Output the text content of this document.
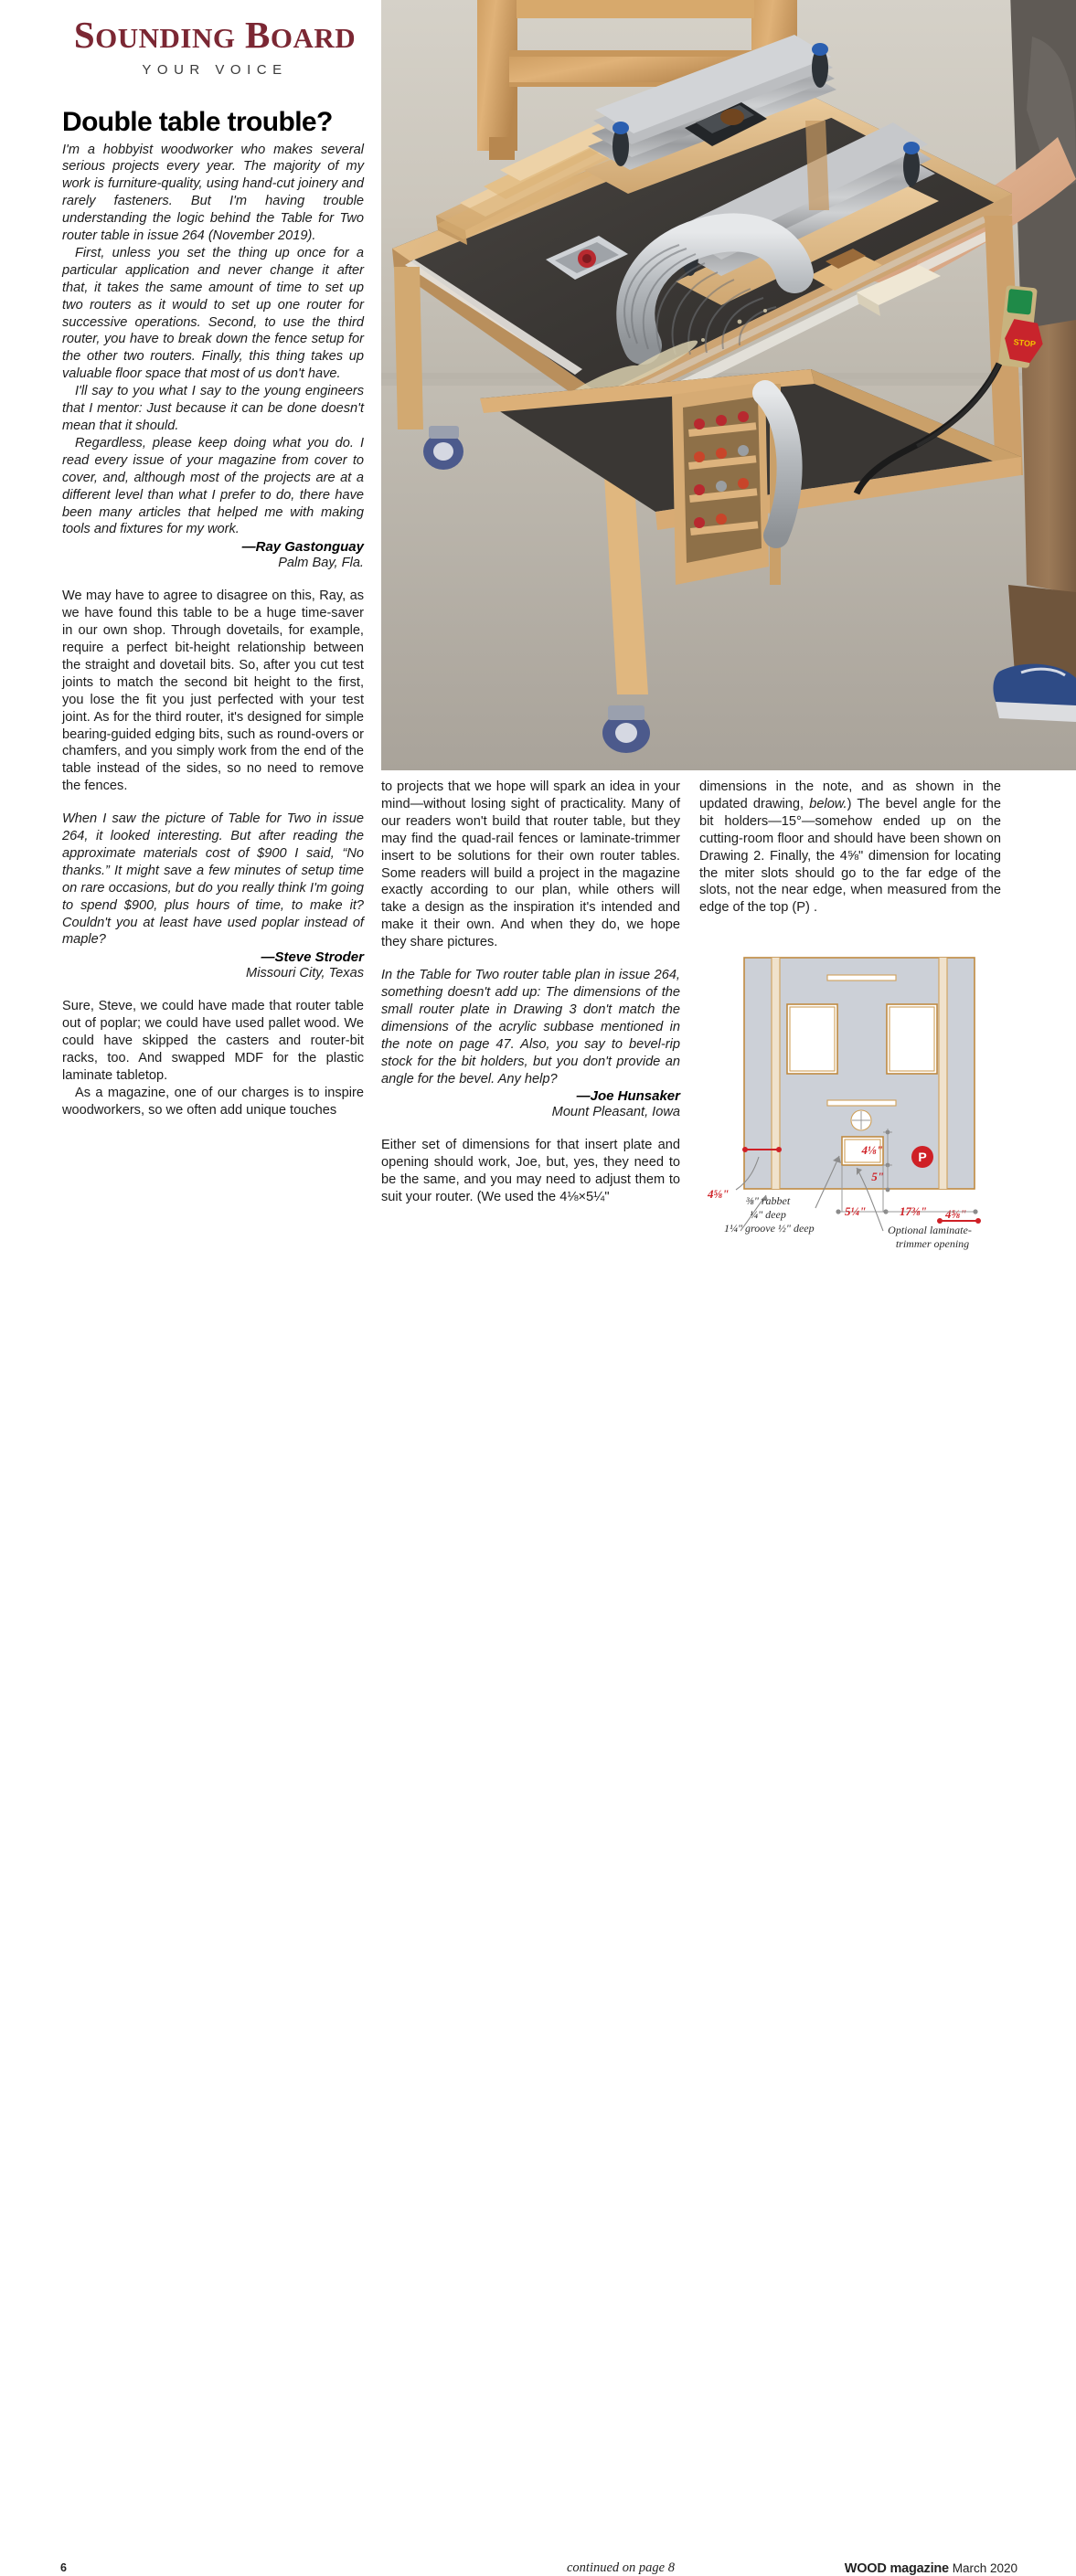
SOUNDING BOARD
YOUR VOICE
STOP
Double table trouble?

I'm a hobbyist woodworker who makes several serious projects every year. The majority of my work is furniture-quality, using hand-cut joinery and rarely fasteners. But I'm having trouble understanding the logic behind the Table for Two router table in issue 264 (November 2019).

First, unless you set the thing up once for a particular application and never change it after that, it takes the same amount of time to set up two routers as it would to set up one router for successive operations. Second, to use the third router, you have to break down the fence setup for the other two routers. Finally, this thing takes up valuable floor space that most of us don't have.

I'll say to you what I say to the young engineers that I mentor: Just because it can be done doesn't mean that it should.

Regardless, please keep doing what you do. I read every issue of your magazine from cover to cover, and, although most of the projects are at a different level than what I prefer to do, there have been many articles that helped me with making tools and fixtures for my work.

—Ray Gastonguay

Palm Bay, Fla.

We may have to agree to disagree on this, Ray, as we have found this table to be a huge time-saver in our own shop. Through dovetails, for example, require a perfect bit-height relationship between the straight and dovetail bits. So, after you cut test joints to match the second bit height to the first, you lose the fit you just perfected with your test joint. As for the third router, it's designed for simple bearing-guided edging bits, such as round-overs or chamfers, and you simply work from the end of the table instead of the sides, so no need to remove the fences.

When I saw the picture of Table for Two in issue 264, it looked interesting. But after reading the approximate materials cost of $900 I said, “No thanks.” It might save a few minutes of setup time on rare occasions, but do you really think I'm going to spend $900, plus hours of time, to make it? Couldn't you at least have used poplar instead of maple?

—Steve Stroder

Missouri City, Texas

Sure, Steve, we could have made that router table out of poplar; we could have used pallet wood. We could have skipped the casters and router-bit racks, too. And swapped MDF for the plastic laminate tabletop.

As a magazine, one of our charges is to inspire woodworkers, so we often add unique touches

to projects that we hope will spark an idea in your mind—without losing sight of practicality. Many of our readers won't build that router table, but they may find the quad-rail fences or laminate-trimmer insert to be solutions for their own router tables. Some readers will build a project in the magazine exactly according to our plan, while others will take a design as the inspiration it's intended and make it their own. And when they do, we hope they share pictures.

In the Table for Two router table plan in issue 264, something doesn't add up: The dimensions of the small router plate in Drawing 3 don't match the dimensions of the acrylic subbase mentioned in the note on page 47. Also, you say to bevel-rip stock for the bit holders, but you don't provide an angle for the bevel. Any help?

—Joe Hunsaker

Mount Pleasant, Iowa

Either set of dimensions for that insert plate and opening should work, Joe, but, yes, they need to be the same, and you may need to adjust them to suit your router. (We used the 4⅛×5¼"

dimensions in the note, and as shown in the updated drawing, below.) The bevel angle for the bit holders—15°—somehow ended up on the cutting-room floor and should have been shown on Drawing 2. Finally, the 4⅝" dimension for locating the miter slots should go to the far edge of the slots, not the near edge, when measured from the edge of the top (P) .

4⅛"
5"
P
4⅝"
4⅝"
5¼"	17⅜"
⅜" rabbet
¼" deep
1¼" groove ½" deep	Optional laminate-
trimmer opening
6	continued on page 8	WOOD magazine March 2020
